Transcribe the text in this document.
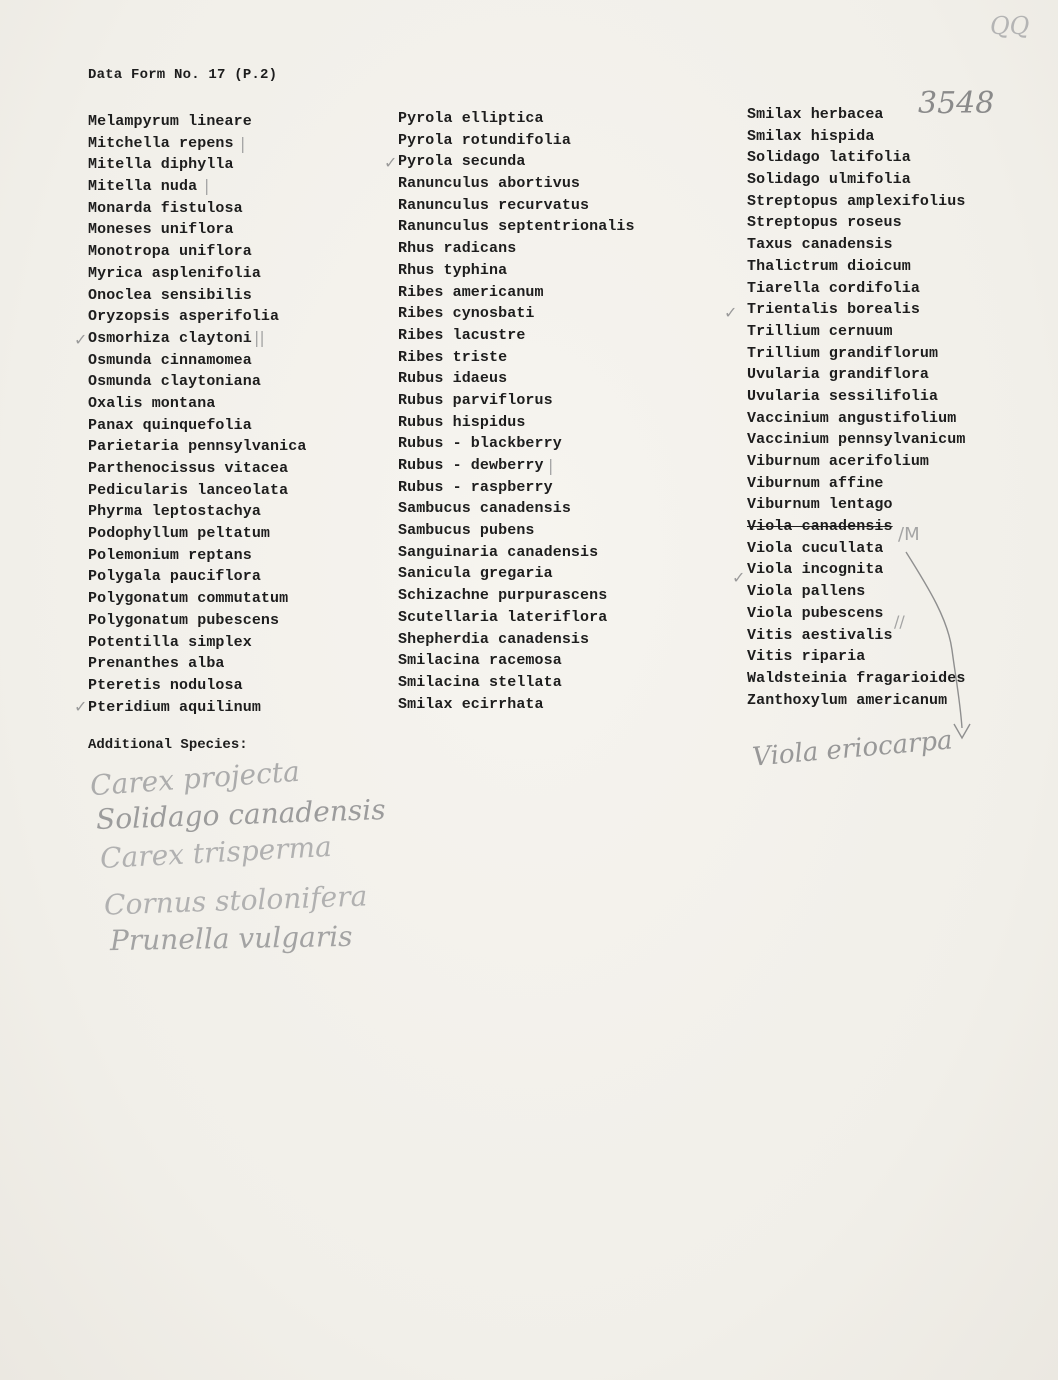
QQ
3548
Data Form No. 17 (P.2)
Melampyrum lineare
Mitchella repens
Mitella diphylla
Mitella nuda
Monarda fistulosa
Moneses uniflora
Monotropa uniflora
Myrica asplenifolia
Onoclea sensibilis
Oryzopsis asperifolia
Osmorhiza claytoni
Osmunda cinnamomea
Osmunda claytoniana
Oxalis montana
Panax quinquefolia
Parietaria pennsylvanica
Parthenocissus vitacea
Pedicularis lanceolata
Phyrma leptostachya
Podophyllum peltatum
Polemonium reptans
Polygala pauciflora
Polygonatum commutatum
Polygonatum pubescens
Potentilla simplex
Prenanthes alba
Pteretis nodulosa
Pteridium aquilinum
Pyrola elliptica
Pyrola rotundifolia
Pyrola secunda
Ranunculus abortivus
Ranunculus recurvatus
Ranunculus septentrionalis
Rhus radicans
Rhus typhina
Ribes americanum
Ribes cynosbati
Ribes lacustre
Ribes triste
Rubus idaeus
Rubus parviflorus
Rubus hispidus
Rubus - blackberry
Rubus - dewberry
Rubus - raspberry
Sambucus canadensis
Sambucus pubens
Sanguinaria canadensis
Sanicula gregaria
Schizachne purpurascens
Scutellaria lateriflora
Shepherdia canadensis
Smilacina racemosa
Smilacina stellata
Smilax ecirrhata
Smilax herbacea
Smilax hispida
Solidago latifolia
Solidago ulmifolia
Streptopus amplexifolius
Streptopus roseus
Taxus canadensis
Thalictrum dioicum
Tiarella cordifolia
Trientalis borealis
Trillium cernuum
Trillium grandiflorum
Uvularia grandiflora
Uvularia sessilifolia
Vaccinium angustifolium
Vaccinium pennsylvanicum
Viburnum acerifolium
Viburnum affine
Viburnum lentago
Viola canadensis
Viola cucullata
Viola incognita
Viola pallens
Viola pubescens
Vitis aestivalis
Vitis riparia
Waldsteinia fragarioides
Zanthoxylum americanum
Additional Species:
Carex projecta
Solidago canadensis
Carex trisperma
Cornus stolonifera
Prunella vulgaris
Viola eriocarpa
✓
✓
✓
✓
✓
|
|
||
|
//
/M
